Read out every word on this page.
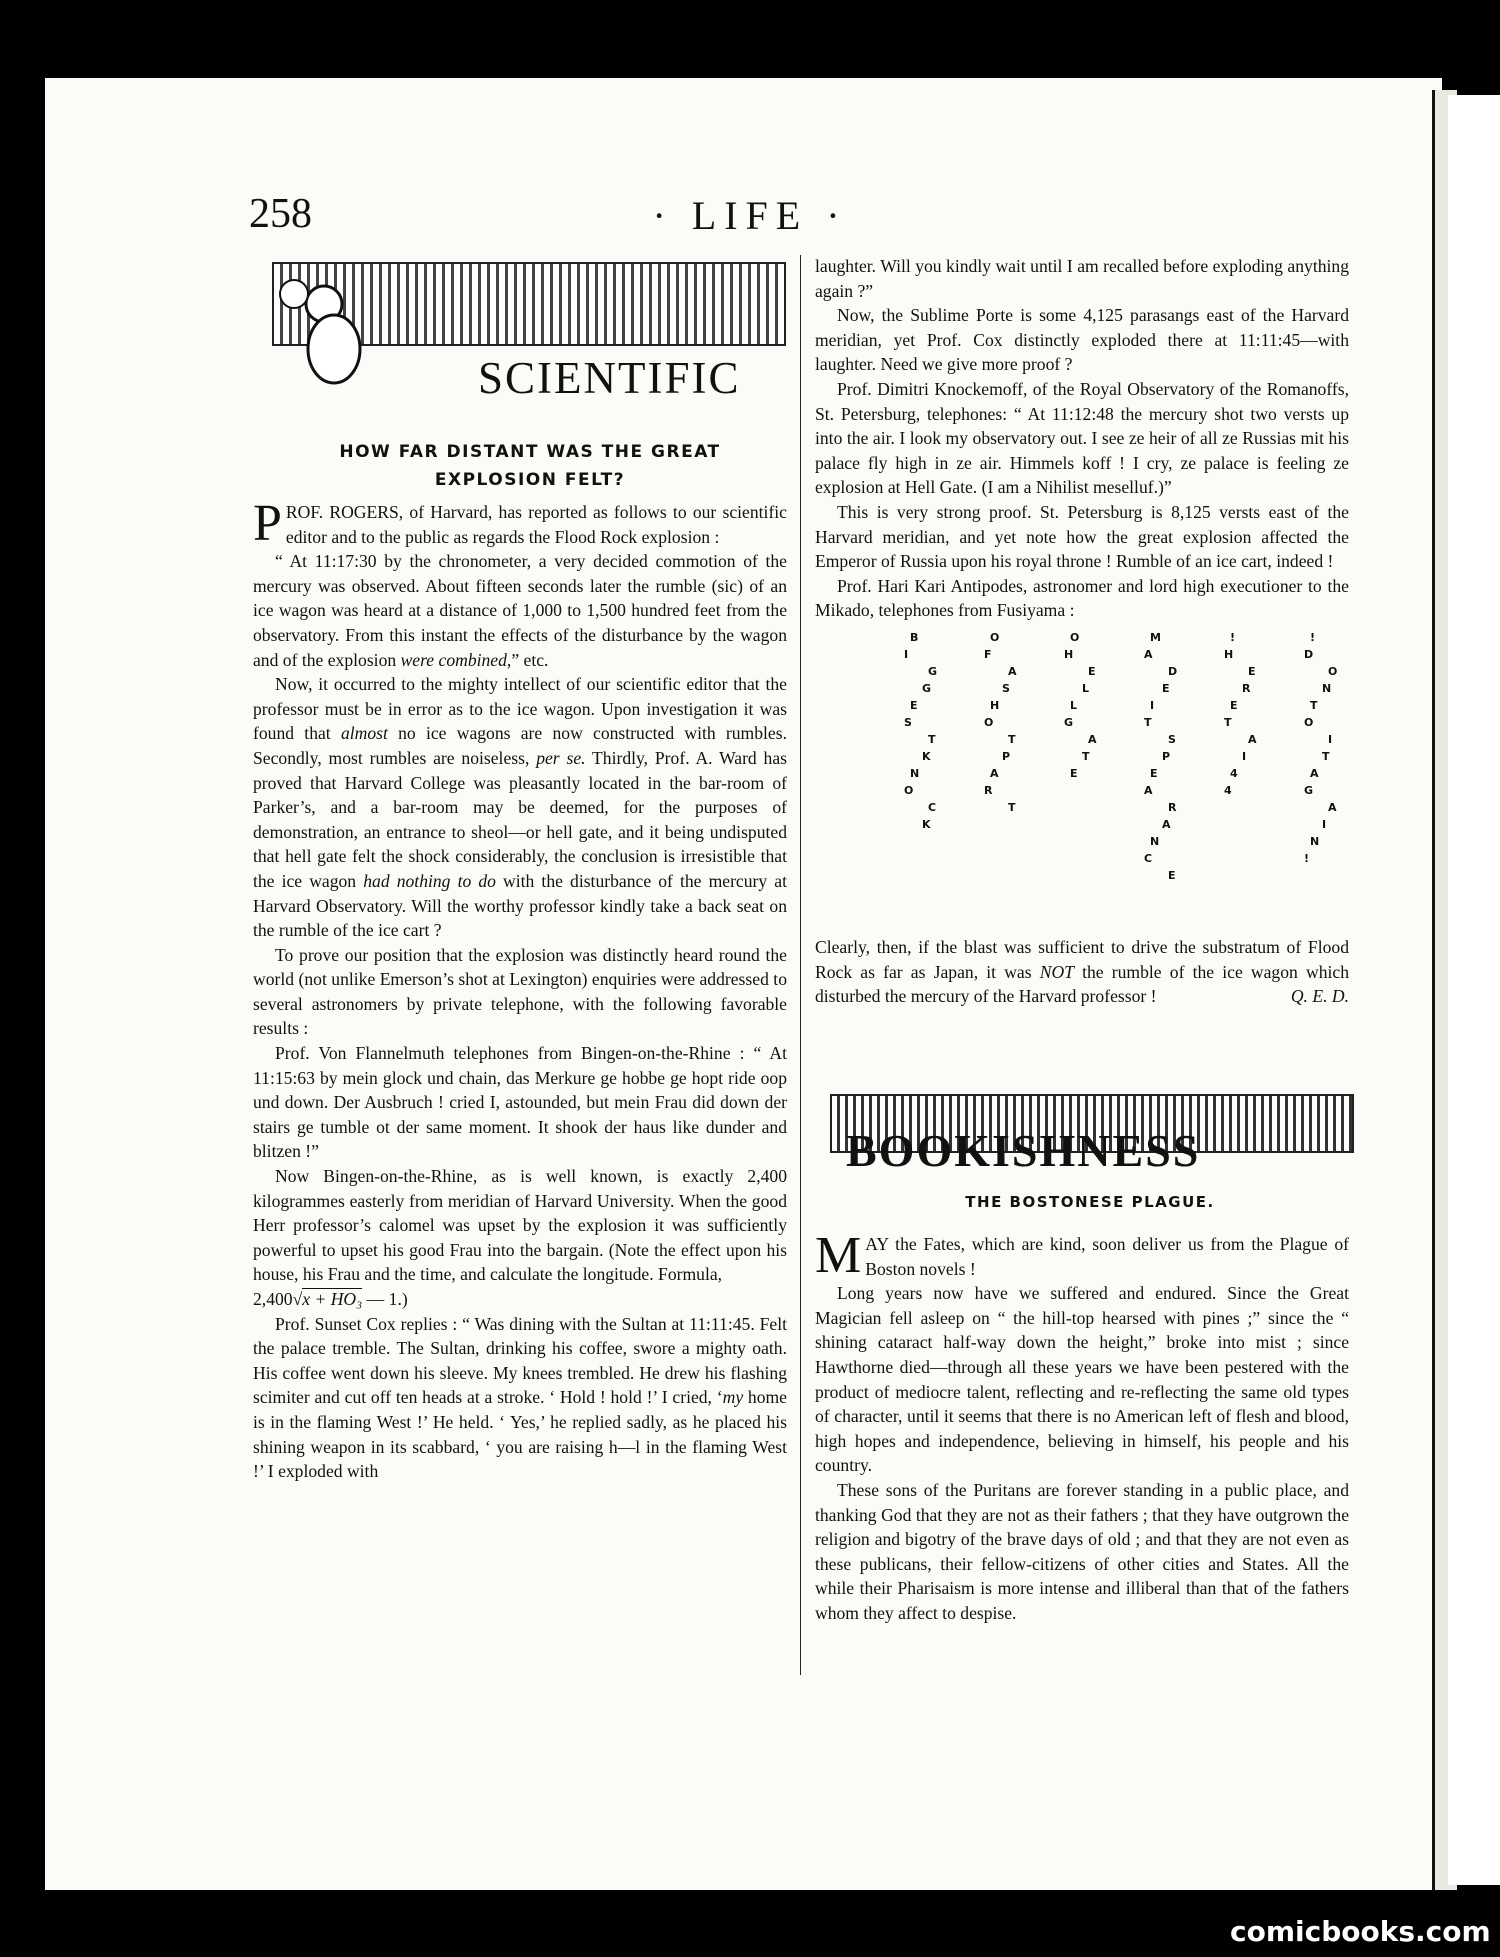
258	· LIFE ·
SCIENTIFIC
HOW FAR DISTANT WAS THE GREAT
EXPLOSION FELT?

PROF. ROGERS, of Harvard, has reported as follows to our scientific editor and to the public as regards the Flood Rock explosion :

“ At 11:17:30 by the chronometer, a very decided commotion of the mercury was observed. About fifteen seconds later the rumble (sic) of an ice wagon was heard at a distance of 1,000 to 1,500 hundred feet from the observatory. From this instant the effects of the disturbance by the wagon and of the explosion were combined,” etc.

Now, it occurred to the mighty intellect of our scientific editor that the professor must be in error as to the ice wagon. Upon investigation it was found that almost no ice wagons are now constructed with rumbles. Secondly, most rumbles are noiseless, per se. Thirdly, Prof. A. Ward has proved that Harvard College was pleasantly located in the bar-room of Parker’s, and a bar-room may be deemed, for the purposes of demonstration, an entrance to sheol—or hell gate, and it being undisputed that hell gate felt the shock considerably, the conclusion is irresistible that the ice wagon had nothing to do with the disturbance of the mercury at Harvard Observatory. Will the worthy professor kindly take a back seat on the rumble of the ice cart ?

To prove our position that the explosion was distinctly heard round the world (not unlike Emerson’s shot at Lexington) enquiries were addressed to several astronomers by private telephone, with the following favorable results :

Prof. Von Flannelmuth telephones from Bingen-on-the-Rhine : “ At 11:15:63 by mein glock und chain, das Merkure ge hobbe ge hopt ride oop und down. Der Ausbruch ! cried I, astounded, but mein Frau did down der stairs ge tumble ot der same moment. It shook der haus like dunder and blitzen !”

Now Bingen-on-the-Rhine, as is well known, is exactly 2,400 kilogrammes easterly from meridian of Harvard University. When the good Herr professor’s calomel was upset by the explosion it was sufficiently powerful to upset his good Frau into the bargain. (Note the effect upon his house, his Frau and the time, and calculate the longitude. Formula,

2,400√x + HO₃ — 1.)

Prof. Sunset Cox replies : “ Was dining with the Sultan at 11:11:45. Felt the palace tremble. The Sultan, drinking his coffee, swore a mighty oath. His coffee went down his sleeve. My knees trembled. He drew his flashing scimiter and cut off ten heads at a stroke. ‘ Hold ! hold !’ I cried, ‘my home is in the flaming West !’ He held. ‘ Yes,’ he replied sadly, as he placed his shining weapon in its scabbard, ‘ you are raising h—l in the flaming West !’ I exploded with

laughter. Will you kindly wait until I am recalled before exploding anything again ?”

Now, the Sublime Porte is some 4,125 parasangs east of the Harvard meridian, yet Prof. Cox distinctly exploded there at 11:11:45—with laughter. Need we give more proof ?

Prof. Dimitri Knockemoff, of the Royal Observatory of the Romanoffs, St. Petersburg, telephones: “ At 11:12:48 the mercury shot two versts up into the air. I look my observatory out. I see ze heir of all ze Russias mit his palace fly high in ze air. Himmels koff ! I cry, ze palace is feeling ze explosion at Hell Gate. (I am a Nihilist meselluf.)”

This is very strong proof. St. Petersburg is 8,125 versts east of the Harvard meridian, and yet note how the great explosion affected the Emperor of Russia upon his royal throne ! Rumble of an ice cart, indeed !

Prof. Hari Kari Antipodes, astronomer and lord high executioner to the Mikado, telephones from Fusiyama :

B
I
G
G
E
S
T
K
N
O
C
K
O
F
A
S
H
O
T
P
A
R
T
O
H
E
L
L
G
A
T
E
M
A
D
E
I
T
S
P
E
A
R
A
N
C
E
!
H
E
R
E
T
A
I
4
4
!
D
O
N
T
O
I
T
A
G
A
I
N
!

Clearly, then, if the blast was sufficient to drive the substratum of Flood Rock as far as Japan, it was NOT the rumble of the ice wagon which disturbed the mercury of the Harvard professor !	Q. E. D.

BOOKISHNESS
THE BOSTONESE PLAGUE.

MAY the Fates, which are kind, soon deliver us from the Plague of Boston novels !

Long years now have we suffered and endured. Since the Great Magician fell asleep on “ the hill-top hearsed with pines ;” since the “ shining cataract half-way down the height,” broke into mist ; since Hawthorne died—through all these years we have been pestered with the product of mediocre talent, reflecting and re-reflecting the same old types of character, until it seems that there is no American left of flesh and blood, high hopes and independence, believing in himself, his people and his country.

These sons of the Puritans are forever standing in a public place, and thanking God that they are not as their fathers ; that they have outgrown the religion and bigotry of the brave days of old ; and that they are not even as these publicans, their fellow-citizens of other cities and States. All the while their Pharisaism is more intense and illiberal than that of the fathers whom they affect to despise.

comicbooks.com
